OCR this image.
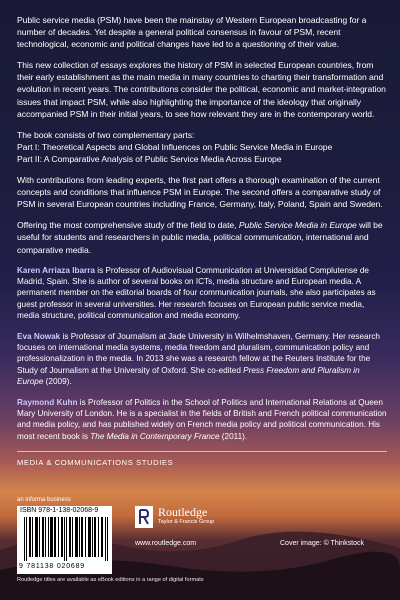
Public service media (PSM) have been the mainstay of Western European broadcasting for a number of decades. Yet despite a general political consensus in favour of PSM, recent technological, economic and political changes have led to a questioning of their value.

This new collection of essays explores the history of PSM in selected European countries, from their early establishment as the main media in many countries to charting their transformation and evolution in recent years. The contributions consider the political, economic and market-integration issues that impact PSM, while also highlighting the importance of the ideology that originally accompanied PSM in their initial years, to see how relevant they are in the contemporary world.

The book consists of two complementary parts:

Part I: Theoretical Aspects and Global Influences on Public Service Media in Europe

Part II: A Comparative Analysis of Public Service Media Across Europe

With contributions from leading experts, the first part offers a thorough examination of the current concepts and conditions that influence PSM in Europe. The second offers a comparative study of PSM in several European countries including France, Germany, Italy, Poland, Spain and Sweden.

Offering the most comprehensive study of the field to date, Public Service Media in Europe will be useful for students and researchers in public media, political communication, international and comparative media.

Karen Arriaza Ibarra is Professor of Audiovisual Communication at Universidad Complutense de Madrid, Spain. She is author of several books on ICTs, media structure and European media. A permanent member on the editorial boards of four communication journals, she also participates as guest professor in several universities. Her research focuses on European public service media, media structure, political communication and media economy.
Eva Nowak is Professor of Journalism at Jade University in Wilhelmshaven, Germany. Her research focuses on international media systems, media freedom and pluralism, communication policy and professionalization in the media. In 2013 she was a research fellow at the Reuters Institute for the Study of Journalism at the University of Oxford. She co-edited Press Freedom and Pluralism in Europe (2009).
Raymond Kuhn is Professor of Politics in the School of Politics and International Relations at Queen Mary University of London. He is a specialist in the fields of British and French political communication and media policy, and has published widely on French media policy and political communication. His most recent book is The Media in Contemporary France (2011).
MEDIA & COMMUNICATIONS STUDIES
an informa business
ISBN 978-1-138-02068-9
9 781138 020689
Routledge
Taylor & Francis Group
www.routledge.com	Cover image: © Thinkstock
Routledge titles are available as eBook editions in a range of digital formats
